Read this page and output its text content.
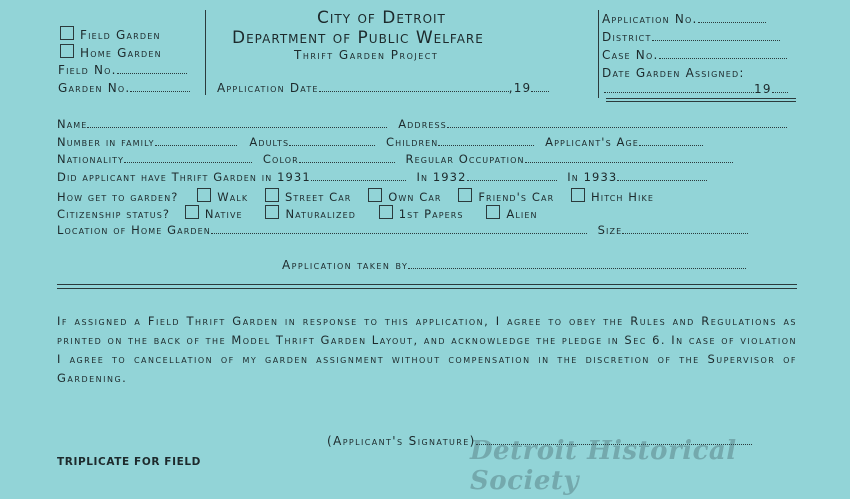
Field Garden
Home Garden
Field No.
Garden No.
City of Detroit
Department of Public Welfare
Thrift Garden Project
Application Date	,19
Application No.
District
Case No.
Date Garden Assigned:
19
Name	Address
Number in family	Adults	Children	Applicant's Age
Nationality	Color	Regular Occupation
Did applicant have Thrift Garden in 1931	In 1932	In 1933
How get to garden?	Walk	Street Car	Own Car	Friend's Car	Hitch Hike
Citizenship status?	Native	Naturalized	1st Papers	Alien
Location of Home Garden	Size
Application taken by
If assigned a Field Thrift Garden in response to this application, I agree to obey the Rules and Regulations as printed on the back of the Model Thrift Garden Layout, and acknowledge the pledge in Sec 6. In case of violation I agree to cancellation of my garden assignment without compensation in the discretion of the Supervisor of Gardening.
(Applicant's Signature)
TRIPLICATE FOR FIELD	Detroit Historical Society
